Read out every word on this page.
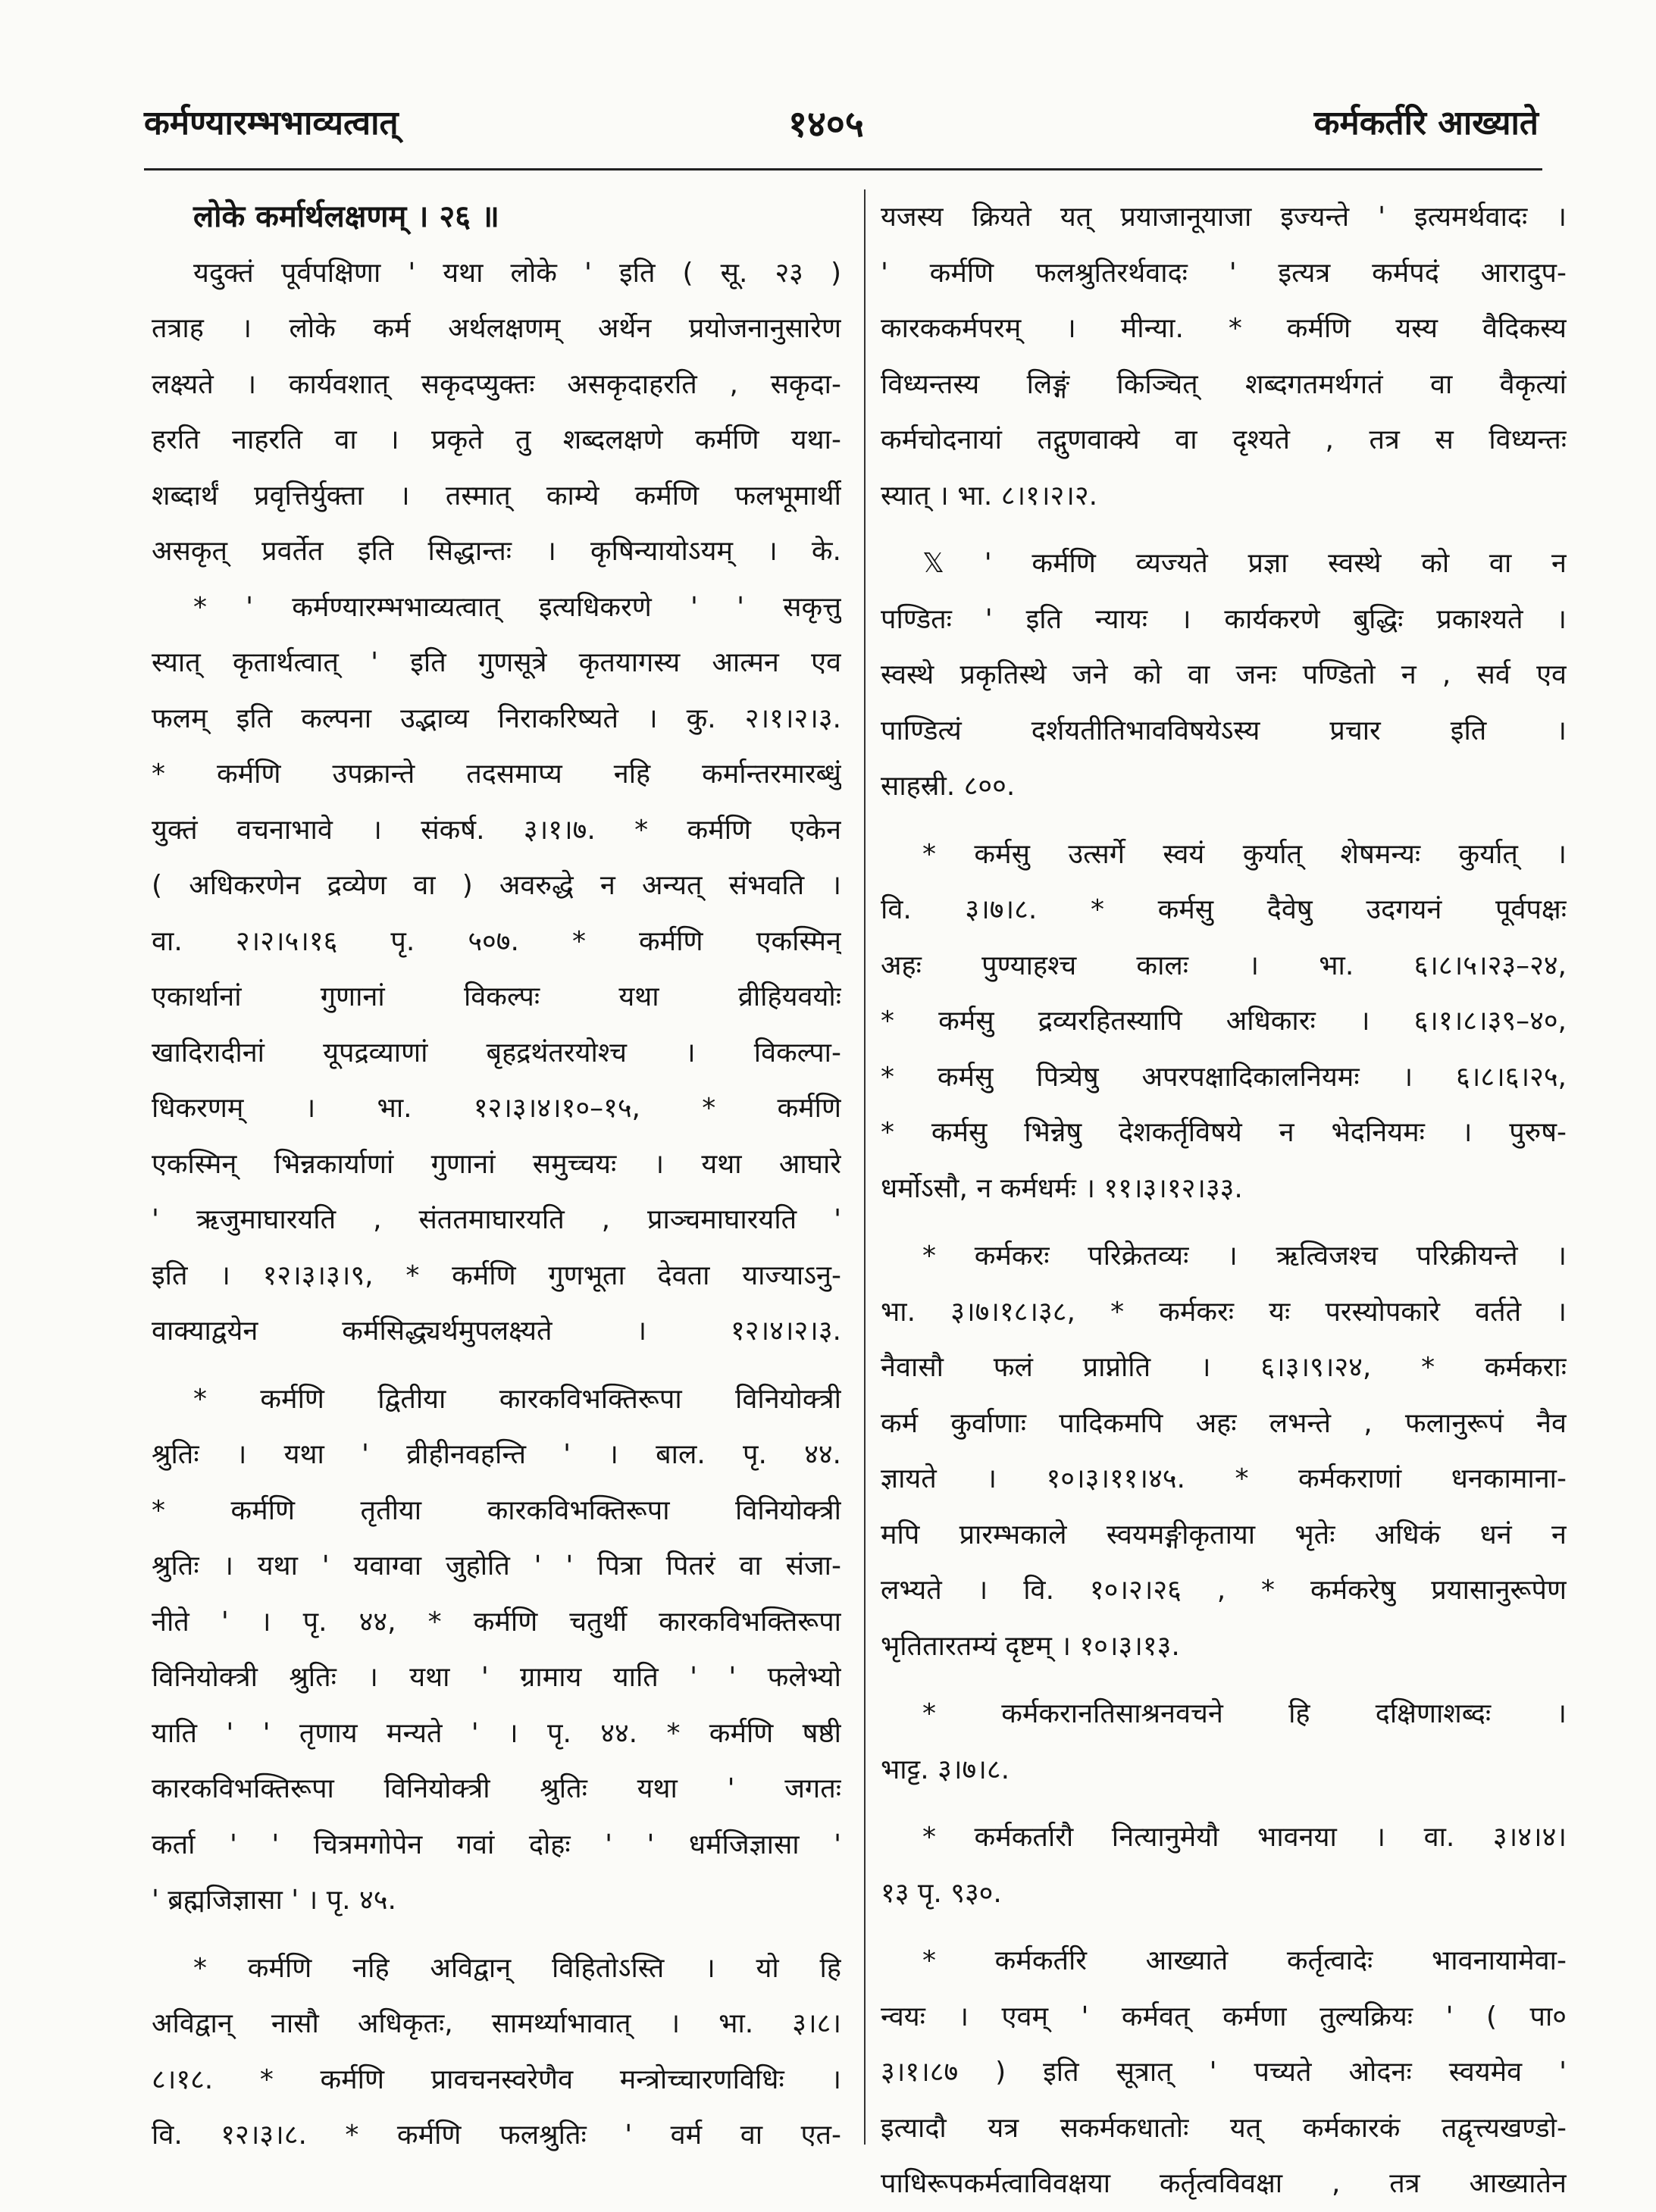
कर्मण्यारम्भभाव्यत्वात्	१४०५	कर्मकर्तरि आख्याते
लोके कर्मार्थलक्षणम् । २६ ॥
यदुक्तं पूर्वपक्षिणा ' यथा लोके ' इति ( सू. २३ )
तत्राह । लोके कर्म अर्थलक्षणम् अर्थेन प्रयोजनानुसारेण
लक्ष्यते । कार्यवशात् सकृदप्युक्तः असकृदाहरति , सकृदा-
हरति नाहरति वा । प्रकृते तु शब्दलक्षणे कर्मणि यथा-
शब्दार्थं प्रवृत्तिर्युक्ता । तस्मात् काम्ये कर्मणि फलभूमार्थी
असकृत् प्रवर्तेत इति सिद्धान्तः । कृषिन्यायोऽयम् । के.
* ' कर्मण्यारम्भभाव्यत्वात् इत्यधिकरणे ' ' सकृत्तु
स्यात् कृतार्थत्वात् ' इति गुणसूत्रे कृतयागस्य आत्मन एव
फलम् इति कल्पना उद्भाव्य निराकरिष्यते । कु. २।१।२।३.
* कर्मणि उपक्रान्ते तदसमाप्य नहि कर्मान्तरमारब्धुं
युक्तं वचनाभावे । संकर्ष. ३।१।७. * कर्मणि एकेन
( अधिकरणेन द्रव्येण वा ) अवरुद्धे न अन्यत् संभवति ।
वा. २।२।५।१६ पृ. ५०७. * कर्मणि एकस्मिन्
एकार्थानां गुणानां विकल्पः यथा व्रीहियवयोः
खादिरादीनां यूपद्रव्याणां बृहद्रथंतरयोश्च । विकल्पा-
धिकरणम् । भा. १२।३।४।१०–१५, * कर्मणि
एकस्मिन् भिन्नकार्याणां गुणानां समुच्चयः । यथा आघारे
' ऋजुमाघारयति , संततमाघारयति , प्राञ्चमाघारयति '
इति । १२।३।३।९, * कर्मणि गुणभूता देवता याज्याऽनु-
वाक्याद्वयेन कर्मसिद्ध्यर्थमुपलक्ष्यते । १२।४।२।३.
* कर्मणि द्वितीया कारकविभक्तिरूपा विनियोक्त्री
श्रुतिः । यथा ' व्रीहीनवहन्ति ' । बाल. पृ. ४४.
* कर्मणि तृतीया कारकविभक्तिरूपा विनियोक्त्री
श्रुतिः । यथा ' यवाग्वा जुहोति ' ' पित्रा पितरं वा संजा-
नीते ' । पृ. ४४, * कर्मणि चतुर्थी कारकविभक्तिरूपा
विनियोक्त्री श्रुतिः । यथा ' ग्रामाय याति ' ' फलेभ्यो
याति ' ' तृणाय मन्यते ' । पृ. ४४. * कर्मणि षष्ठी
कारकविभक्तिरूपा विनियोक्त्री श्रुतिः यथा ' जगतः
कर्ता ' ' चित्रमगोपेन गवां दोहः ' ' धर्मजिज्ञासा '
' ब्रह्मजिज्ञासा ' । पृ. ४५.
* कर्मणि नहि अविद्वान् विहितोऽस्ति । यो हि
अविद्वान् नासौ अधिकृतः, सामर्थ्याभावात् । भा. ३।८।
८।१८. * कर्मणि प्रावचनस्वरेणैव मन्त्रोच्चारणविधिः ।
वि. १२।३।८. * कर्मणि फलश्रुतिः ' वर्म वा एत-
यजस्य क्रियते यत् प्रयाजानूयाजा इज्यन्ते ' इत्यमर्थवादः ।
' कर्मणि फलश्रुतिरर्थवादः ' इत्यत्र कर्मपदं आरादुप-
कारककर्मपरम् । मीन्या. * कर्मणि यस्य वैदिकस्य
विध्यन्तस्य लिङ्गं किञ्चित् शब्दगतमर्थगतं वा वैकृत्यां
कर्मचोदनायां तद्गुणवाक्ये वा दृश्यते , तत्र स विध्यन्तः
स्यात् । भा. ८।१।२।२.
𝕏 ' कर्मणि व्यज्यते प्रज्ञा स्वस्थे को वा न
पण्डितः ' इति न्यायः । कार्यकरणे बुद्धिः प्रकाश्यते ।
स्वस्थे प्रकृतिस्थे जने को वा जनः पण्डितो न , सर्व एव
पाण्डित्यं दर्शयतीतिभावविषयेऽस्य प्रचार इति ।
साहस्री. ८००.
* कर्मसु उत्सर्गे स्वयं कुर्यात् शेषमन्यः कुर्यात् ।
वि. ३।७।८. * कर्मसु दैवेषु उदगयनं पूर्वपक्षः
अहः पुण्याहश्च कालः । भा. ६।८।५।२३–२४,
* कर्मसु द्रव्यरहितस्यापि अधिकारः । ६।१।८।३९–४०,
* कर्मसु पित्र्येषु अपरपक्षादिकालनियमः । ६।८।६।२५,
* कर्मसु भिन्नेषु देशकर्तृविषये न भेदनियमः । पुरुष-
धर्मोऽसौ, न कर्मधर्मः । ११।३।१२।३३.
* कर्मकरः परिक्रेतव्यः । ऋत्विजश्च परिक्रीयन्ते ।
भा. ३।७।१८।३८, * कर्मकरः यः परस्योपकारे वर्तते ।
नैवासौ फलं प्राप्नोति । ६।३।९।२४, * कर्मकराः
कर्म कुर्वाणाः पादिकमपि अहः लभन्ते , फलानुरूपं नैव
ज्ञायते । १०।३।११।४५. * कर्मकराणां धनकामाना-
मपि प्रारम्भकाले स्वयमङ्गीकृताया भृतेः अधिकं धनं न
लभ्यते । वि. १०।२।२६ , * कर्मकरेषु प्रयासानुरूपेण
भृतितारतम्यं दृष्टम् । १०।३।१३.
* कर्मकरानतिसाश्रनवचने हि दक्षिणाशब्दः ।
भाट्ट. ३।७।८.
* कर्मकर्तारौ नित्यानुमेयौ भावनया । वा. ३।४।४।
१३ पृ. ९३०.
* कर्मकर्तरि आख्याते कर्तृत्वादेः भावनायामेवा-
न्वयः । एवम् ' कर्मवत् कर्मणा तुल्यक्रियः ' ( पा०
३।१।८७ ) इति सूत्रात् ' पच्यते ओदनः स्वयमेव '
इत्यादौ यत्र सकर्मकधातोः यत् कर्मकारकं तद्वृत्त्यखण्डो-
पाधिरूपकर्मत्वाविवक्षया कर्तृत्वविवक्षा , तत्र आख्यातेन
